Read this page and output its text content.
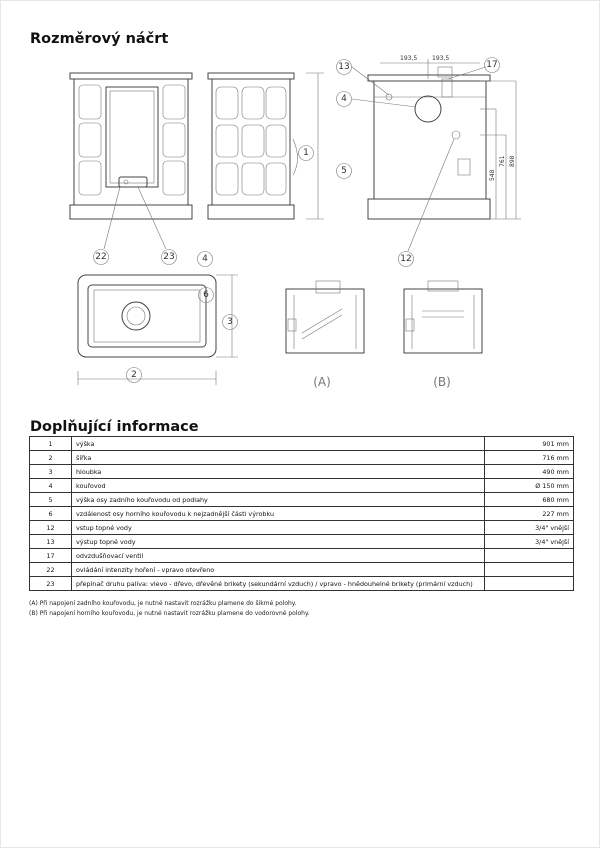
Rozměrový náčrt
193,5 193,5
548
761 898
1
13	17
4
5
12
22	23	4
6
3
2	(A)	(B)
Doplňující informace
1	výška	901 mm
2	šířka	716 mm
3	hloubka	490 mm
4	kouřovod	Ø 150 mm
5	výška osy zadního kouřovodu od podlahy	680 mm
6	vzdálenost osy horního kouřovodu k nejzadnější části výrobku	227 mm
12	vstup topné vody	3/4" vnější
13	výstup topné vody	3/4" vnější
17	odvzdušňovací ventil	
22	ovládání intenzity hoření - vpravo otevřeno	
23	přepínač druhu paliva: vlevo - dřevo, dřevěné brikety (sekundární vzduch) / vpravo - hnědouhelné brikety (primární vzduch)	
(A) Při napojení zadního kouřovodu, je nutné nastavit rozrážku plamene do šikmé polohy.
(B) Při napojení horního kouřovodu, je nutné nastavit rozrážku plamene do vodorovné polohy.
